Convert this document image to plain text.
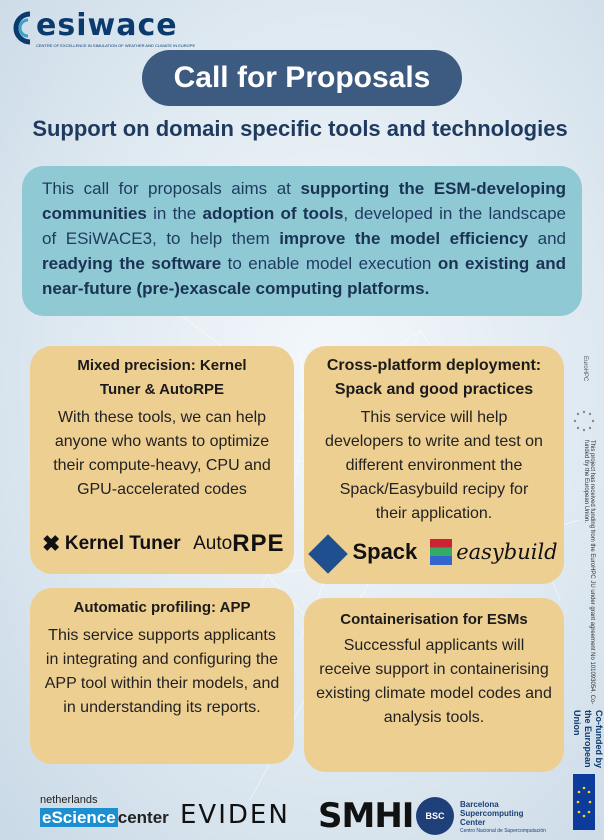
esiwace
CENTRE OF EXCELLENCE IN SIMULATION OF WEATHER AND CLIMATE IN EUROPE
Call for Proposals
Support on domain specific tools and technologies
This call for proposals aims at supporting the ESM-developing communities in the adoption of tools, developed in the landscape of ESiWACE3, to help them improve the model efficiency and readying the software to enable model execution on existing and near-future (pre-)exascale computing platforms.
Mixed precision: Kernel Tuner & AutoRPE
With these tools, we can help anyone who wants to optimize their compute-heavy, CPU and GPU-accelerated codes
✖ Kernel Tuner AutoRPE
Cross-platform deployment: Spack and good practices
This service will help developers to write and test on different environment the Spack/Easybuild recipy for their application.
Spack easybuild
Automatic profiling: APP
This service supports applicants in integrating and configuring the APP tool within their models, and in understanding its reports.
Containerisation for ESMs
Successful applicants will receive support in containerising existing climate model codes and analysis tools.
EuroHPC
This project has received funding from the EuroHPC JU under grant agreement No 101093054. Co-funded by the European Union.
Co-funded by the European Union
netherlands
eScience center EVIDEN SMHI	BSC
Barcelona Supercomputing Center
Centro Nacional de Supercomputación
